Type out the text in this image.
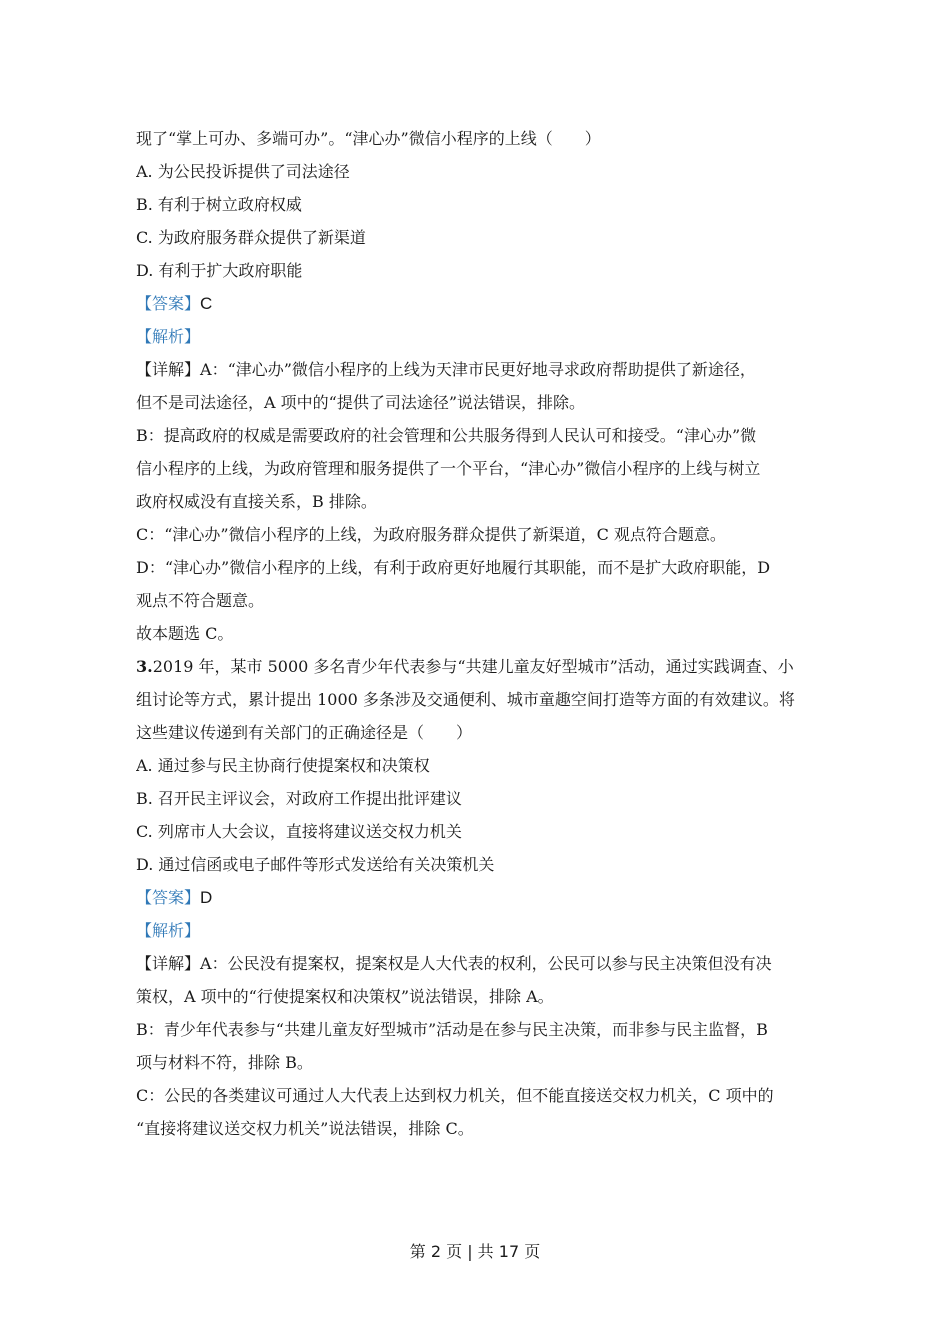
现了“掌上可办、多端可办”。“津心办”微信小程序的上线（　　）
A. 为公民投诉提供了司法途径
B. 有利于树立政府权威
C. 为政府服务群众提供了新渠道
D. 有利于扩大政府职能
【答案】C
【解析】
【详解】A：“津心办”微信小程序的上线为天津市民更好地寻求政府帮助提供了新途径，
但不是司法途径，A 项中的“提供了司法途径”说法错误，排除。
B：提高政府的权威是需要政府的社会管理和公共服务得到人民认可和接受。“津心办”微
信小程序的上线，为政府管理和服务提供了一个平台，“津心办”微信小程序的上线与树立
政府权威没有直接关系，B 排除。
C：“津心办”微信小程序的上线，为政府服务群众提供了新渠道，C 观点符合题意。
D：“津心办”微信小程序的上线，有利于政府更好地履行其职能，而不是扩大政府职能，D
观点不符合题意。
故本题选 C。
3.2019 年，某市 5000 多名青少年代表参与“共建儿童友好型城市”活动，通过实践调查、小
组讨论等方式，累计提出 1000 多条涉及交通便利、城市童趣空间打造等方面的有效建议。将
这些建议传递到有关部门的正确途径是（　　）
A. 通过参与民主协商行使提案权和决策权
B. 召开民主评议会，对政府工作提出批评建议
C. 列席市人大会议，直接将建议送交权力机关
D. 通过信函或电子邮件等形式发送给有关决策机关
【答案】D
【解析】
【详解】A：公民没有提案权，提案权是人大代表的权利，公民可以参与民主决策但没有决
策权，A 项中的“行使提案权和决策权”说法错误，排除 A。
B：青少年代表参与“共建儿童友好型城市”活动是在参与民主决策，而非参与民主监督，B
项与材料不符，排除 B。
C：公民的各类建议可通过人大代表上达到权力机关，但不能直接送交权力机关，C 项中的
“直接将建议送交权力机关”说法错误，排除 C。
第 2 页 | 共 17 页
